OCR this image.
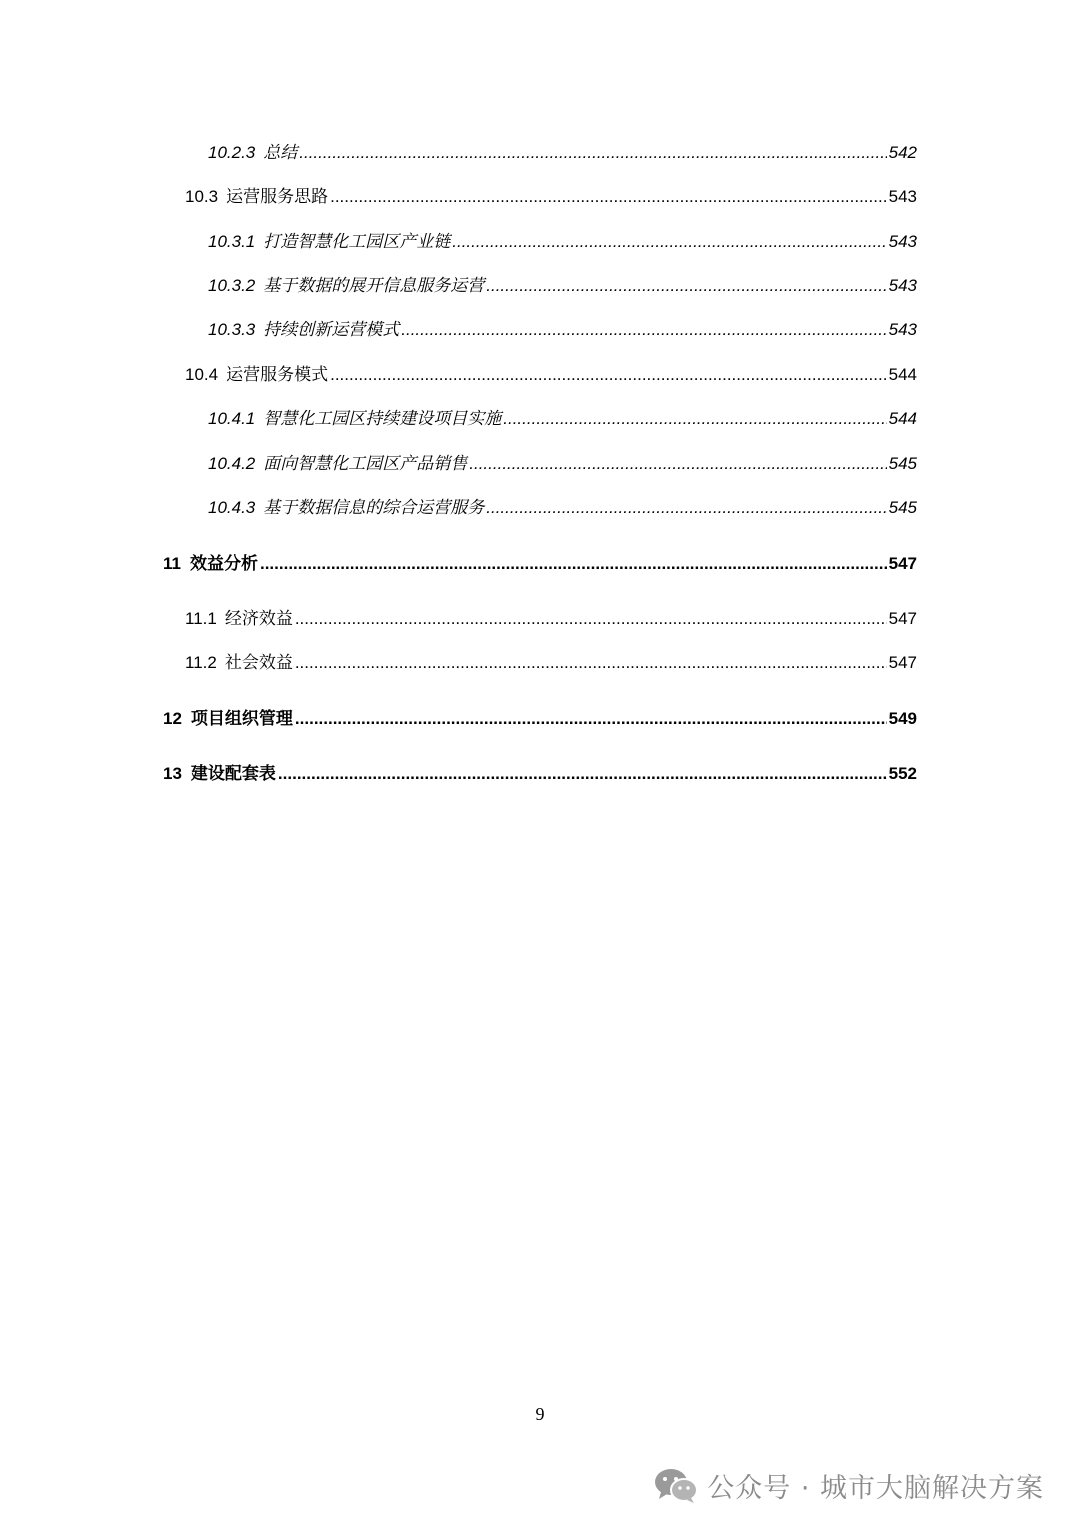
10.2.3 总结 .....	542
10.3 运营服务思路 .....	543
10.3.1 打造智慧化工园区产业链 .....	543
10.3.2 基于数据的展开信息服务运营 .....	543
10.3.3 持续创新运营模式 .....	543
10.4 运营服务模式 .....	544
10.4.1 智慧化工园区持续建设项目实施 .....	544
10.4.2 面向智慧化工园区产品销售 .....	545
10.4.3 基于数据信息的综合运营服务 .....	545
11 效益分析 .....	547
11.1 经济效益 .....	547
11.2 社会效益 .....	547
12 项目组织管理 .....	549
13 建设配套表 .....	552
9
公众号 · 城市大脑解决方案
